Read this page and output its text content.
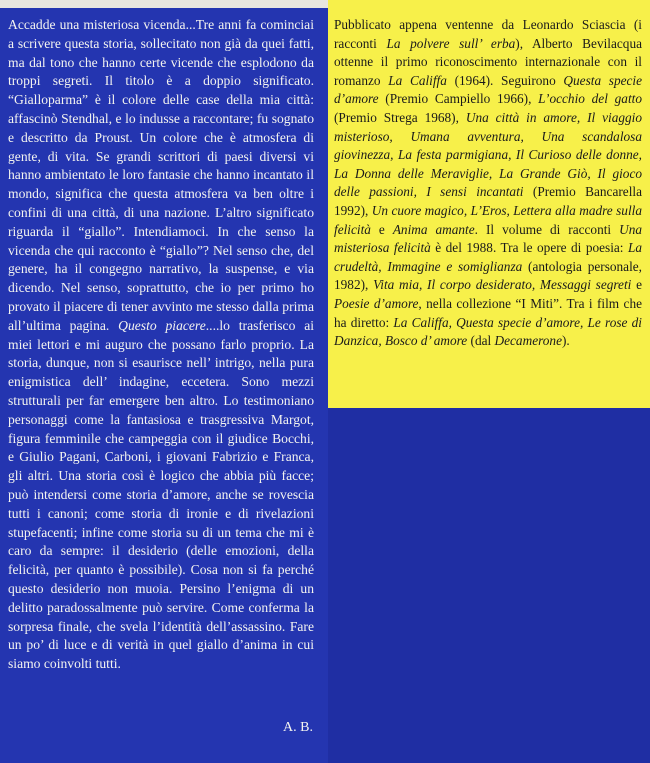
Accadde una misteriosa vicenda...Tre anni fa cominciai a scrivere questa storia, sollecitato non già da quei fatti, ma dal tono che hanno certe vicende che esplodono da troppi segreti. Il titolo è a doppio significato. “Gialloparma” è il colore delle case della mia città: affascinò Stendhal, e lo indusse a raccontare; fu sognato e descritto da Proust. Un colore che è atmosfera di gente, di vita. Se grandi scrittori di paesi diversi vi hanno ambientato le loro fantasie che hanno incantato il mondo, significa che questa atmosfera va ben oltre i confini di una città, di una nazione. L’altro significato riguarda il “giallo”. Intendiamoci. In che senso la vicenda che qui racconto è “giallo”? Nel senso che, del genere, ha il congegno narrativo, la suspense, e via dicendo. Nel senso, soprattutto, che io per primo ho provato il piacere di tener avvinto me stesso dalla prima all’ultima pagina. Questo piacere....lo trasferisco ai miei lettori e mi auguro che possano farlo proprio. La storia, dunque, non si esaurisce nell’ intrigo, nella pura enigmistica dell’ indagine, eccetera. Sono mezzi strutturali per far emergere ben altro. Lo testimoniano personaggi come la fantasiosa e trasgressiva Margot, figura femminile che campeggia con il giudice Bocchi, e Giulio Pagani, Carboni, i giovani Fabrizio e Franca, gli altri. Una storia così è logico che abbia più facce; può intendersi come storia d’amore, anche se rovescia tutti i canoni; come storia di ironie e di rivelazioni stupefacenti; infine come storia su di un tema che mi è caro da sempre: il desiderio (delle emozioni, della felicità, per quanto è possibile). Cosa non si fa perché questo desiderio non muoia. Persino l’enigma di un delitto paradossalmente può servire. Come conferma la sorpresa finale, che svela l’identità dell’assassino. Fare un po’ di luce e di verità in quel giallo d’anima in cui siamo coinvolti tutti.

A. B.

Pubblicato appena ventenne da Leonardo Sciascia (i racconti La polvere sull’ erba), Alberto Bevilacqua ottenne il primo riconoscimento internazionale con il romanzo La Califfa (1964). Seguirono Questa specie d’amore (Premio Campiello 1966), L’occhio del gatto (Premio Strega 1968), Una città in amore, Il viaggio misterioso, Umana avventura, Una scandalosa giovinezza, La festa parmigiana, Il Curioso delle donne, La Donna delle Meraviglie, La Grande Giò, Il gioco delle passioni, I sensi incantati (Premio Bancarella 1992), Un cuore magico, L’Eros, Lettera alla madre sulla felicità e Anima amante. Il volume di racconti Una misteriosa felicità è del 1988. Tra le opere di poesia: La crudeltà, Immagine e somiglianza (antologia personale, 1982), Vita mia, Il corpo desiderato, Messaggi segreti e Poesie d’amore, nella collezione “I Miti”. Tra i film che ha diretto: La Califfa, Questa specie d’amore, Le rose di Danzica, Bosco d’ amore (dal Decamerone).
